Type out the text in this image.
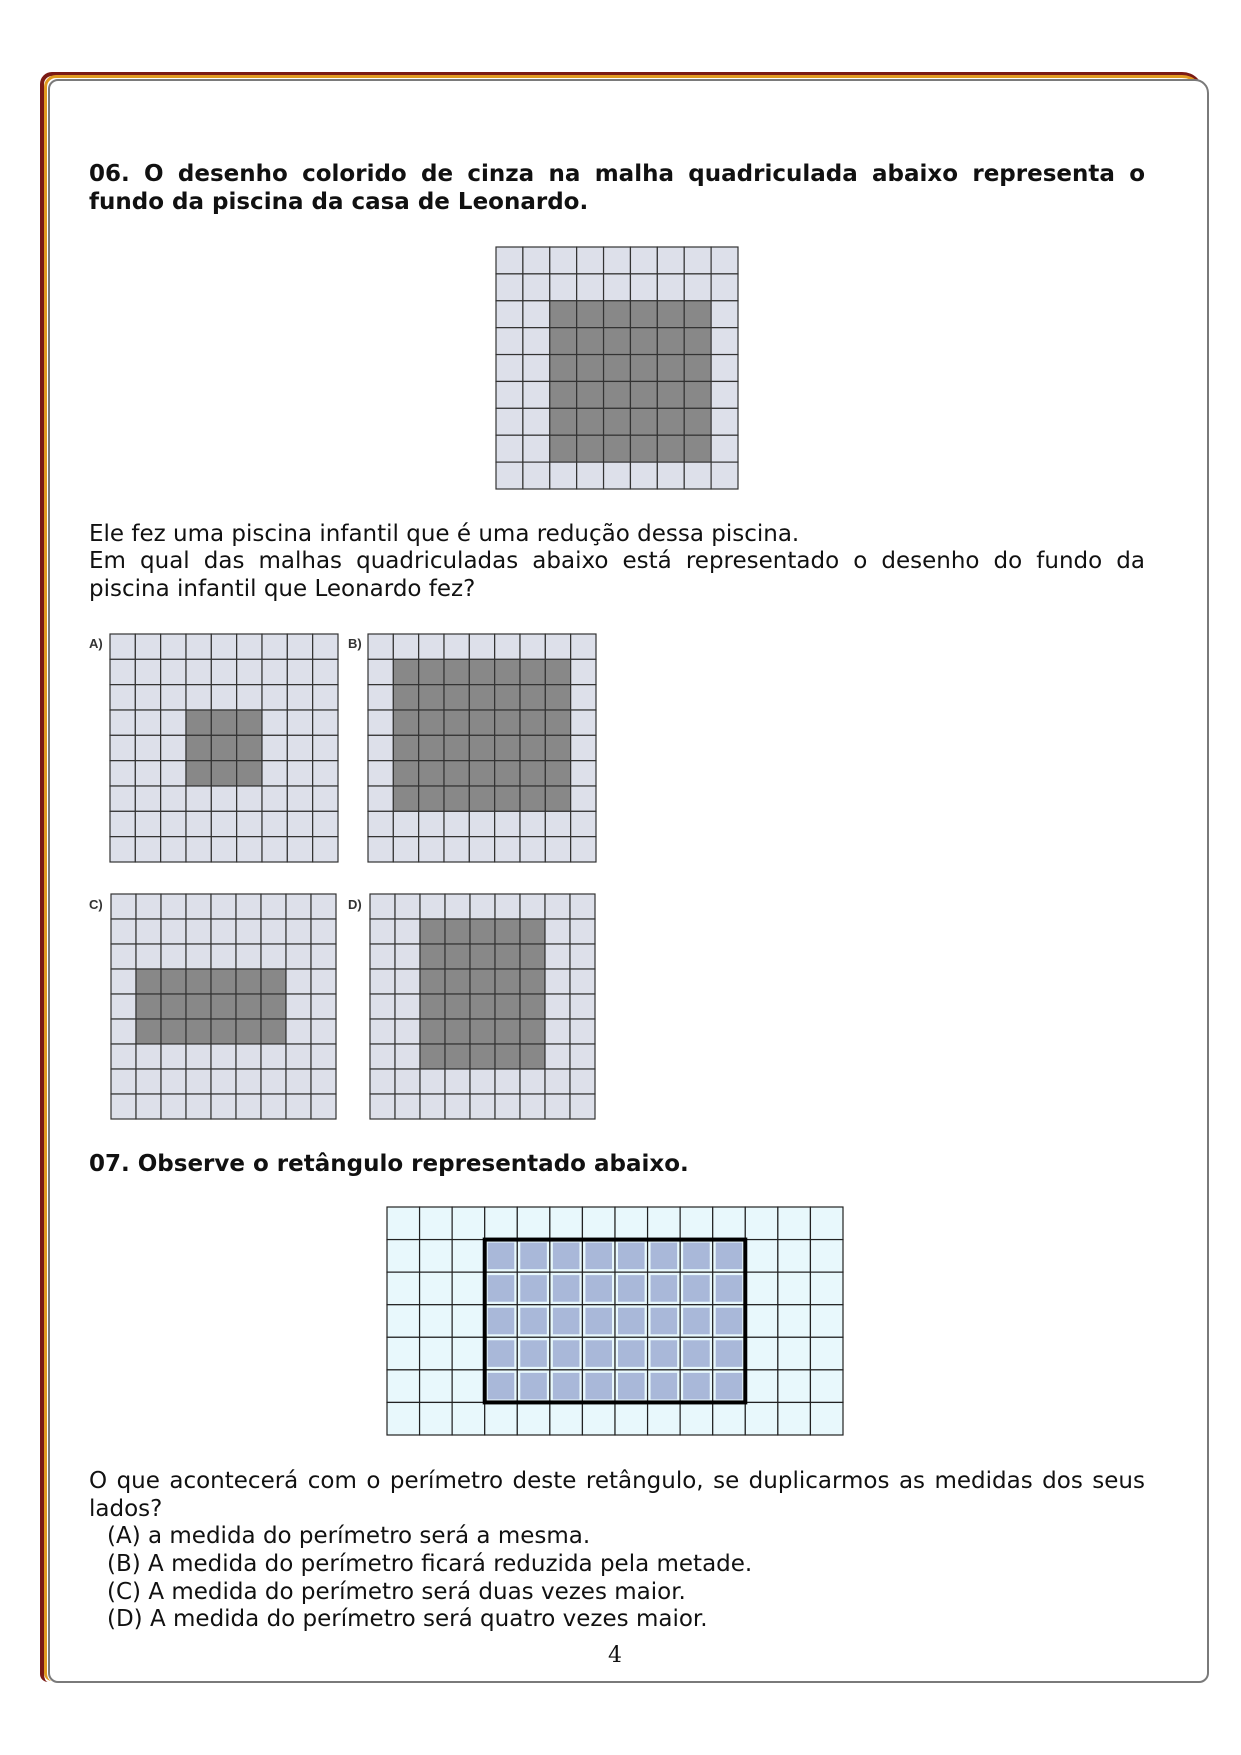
06. O desenho colorido de cinza na malha quadriculada abaixo representa o fundo da piscina da casa de Leonardo.
Ele fez uma piscina infantil que é uma redução dessa piscina.
Em qual das malhas quadriculadas abaixo está representado o desenho do fundo da piscina infantil que Leonardo fez?
A)	B)
C)	D)
07. Observe o retângulo representado abaixo.
O que acontecerá com o perímetro deste retângulo, se duplicarmos as medidas dos seus lados?
(A) a medida do perímetro será a mesma.
(B) A medida do perímetro ficará reduzida pela metade.
(C) A medida do perímetro será duas vezes maior.
(D) A medida do perímetro será quatro vezes maior.
4
